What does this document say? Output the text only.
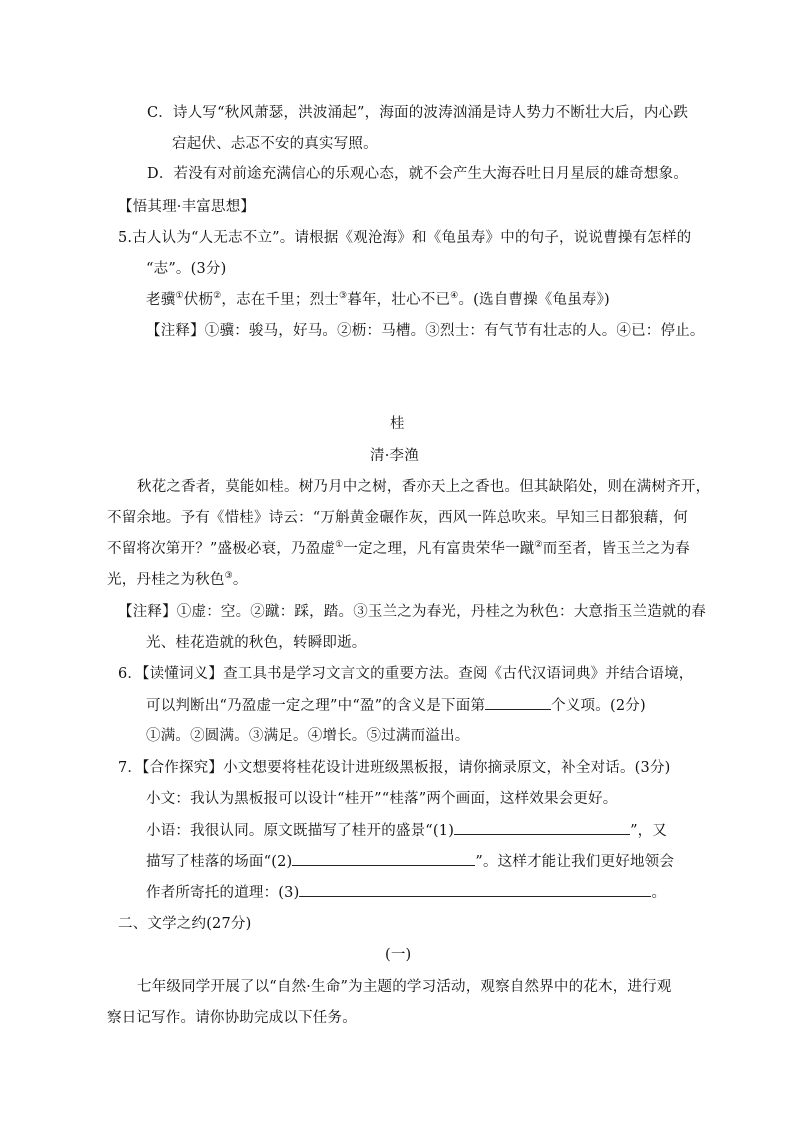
C．诗人写“秋风萧瑟，洪波涌起”，海面的波涛汹涌是诗人势力不断壮大后，内心跌
宕起伏、忐忑不安的真实写照。
D．若没有对前途充满信心的乐观心态，就不会产生大海吞吐日月星辰的雄奇想象。
【悟其理·丰富思想】
5.古人认为“人无志不立”。请根据《观沧海》和《龟虽寿》中的句子，说说曹操有怎样的
“志”。(3分)
老骥①伏枥②，志在千里；烈士③暮年，壮心不已④。(选自曹操《龟虽寿》)
【注释】①骥：骏马，好马。②枥：马槽。③烈士：有气节有壮志的人。④已：停止。
桂
清·李渔
秋花之香者，莫能如桂。树乃月中之树，香亦天上之香也。但其缺陷处，则在满树齐开，
不留余地。予有《惜桂》诗云：“万斛黄金碾作灰，西风一阵总吹来。早知三日都狼藉，何
不留将次第开？”盛极必衰，乃盈虚①一定之理，凡有富贵荣华一蹴②而至者，皆玉兰之为春
光，丹桂之为秋色③。
【注释】①虚：空。②蹴：踩，踏。③玉兰之为春光，丹桂之为秋色：大意指玉兰造就的春
光、桂花造就的秋色，转瞬即逝。
6．【读懂词义】查工具书是学习文言文的重要方法。查阅《古代汉语词典》并结合语境，
可以判断出“乃盈虚一定之理”中“盈”的含义是下面第	个义项。(2分)
①满。②圆满。③满足。④增长。⑤过满而溢出。
7．【合作探究】小文想要将桂花设计进班级黑板报，请你摘录原文，补全对话。(3分)
小文：我认为黑板报可以设计“桂开”“桂落”两个画面，这样效果会更好。
小语：我很认同。原文既描写了桂开的盛景“(1)	”，又
描写了桂落的场面“(2)	”。这样才能让我们更好地领会
作者所寄托的道理：(3)	。
二、文学之约(27分)
(一)
七年级同学开展了以“自然·生命”为主题的学习活动，观察自然界中的花木，进行观
察日记写作。请你协助完成以下任务。
